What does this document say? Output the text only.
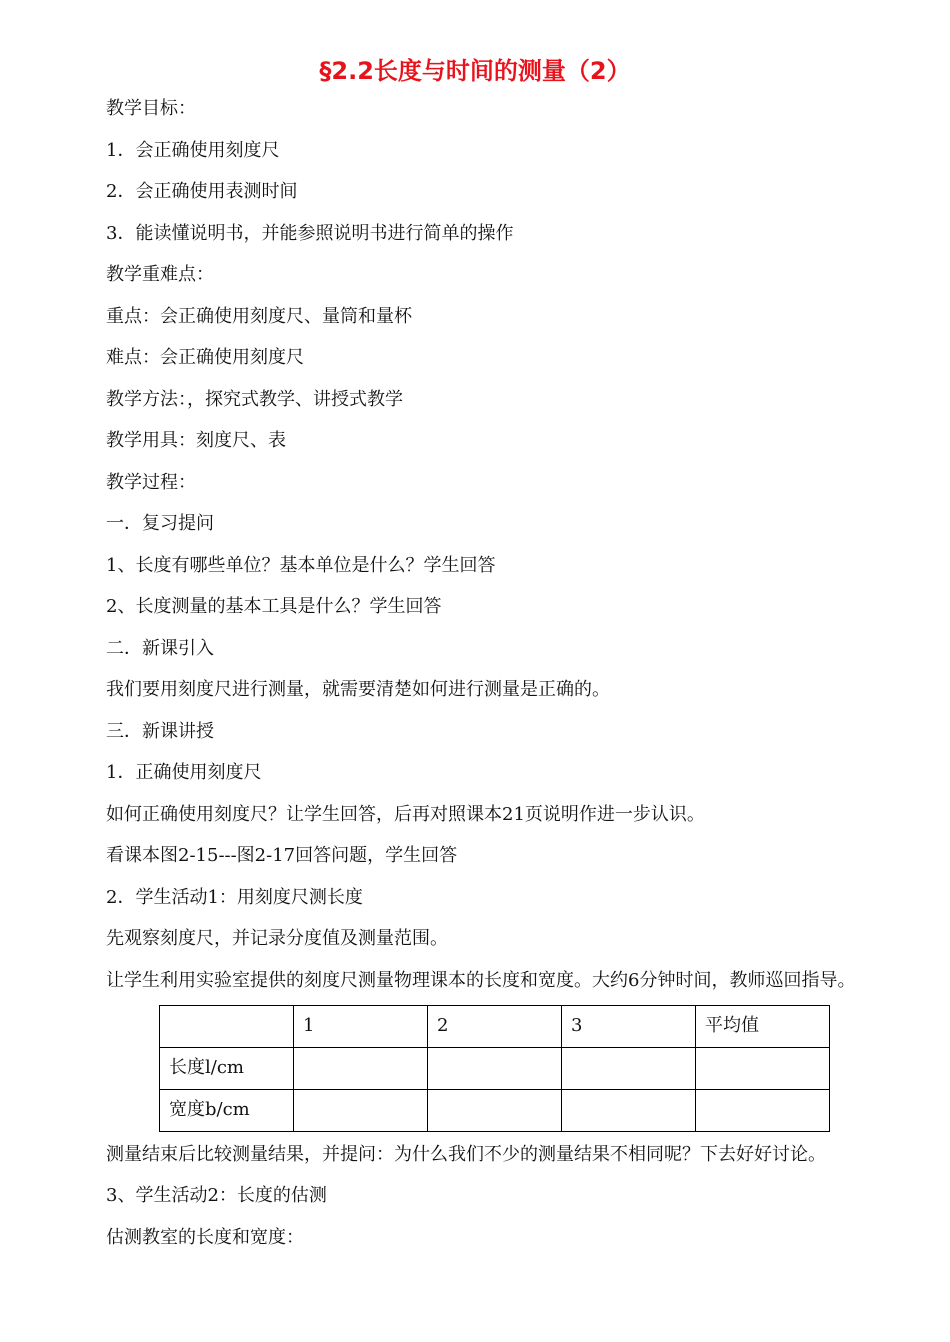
§2.2长度与时间的测量（2）

教学目标：

1．会正确使用刻度尺

2．会正确使用表测时间

3．能读懂说明书，并能参照说明书进行简单的操作

教学重难点：

重点：会正确使用刻度尺、量筒和量杯

难点：会正确使用刻度尺

教学方法：，探究式教学、讲授式教学

教学用具：刻度尺、表

教学过程：

一．复习提问

1、长度有哪些单位？基本单位是什么？学生回答

2、长度测量的基本工具是什么？学生回答

二．新课引入

我们要用刻度尺进行测量，就需要清楚如何进行测量是正确的。

三．新课讲授

1．正确使用刻度尺

如何正确使用刻度尺？让学生回答，后再对照课本21页说明作进一步认识。

看课本图2-15---图2-17回答问题，学生回答

2．学生活动1：用刻度尺测长度

先观察刻度尺，并记录分度值及测量范围。

让学生利用实验室提供的刻度尺测量物理课本的长度和宽度。大约6分钟时间，教师巡回指导。

	1	2	3	平均值

长度l/cm				

宽度b/cm				

测量结束后比较测量结果，并提问：为什么我们不少的测量结果不相同呢？下去好好讨论。

3、学生活动2：长度的估测

估测教室的长度和宽度：
